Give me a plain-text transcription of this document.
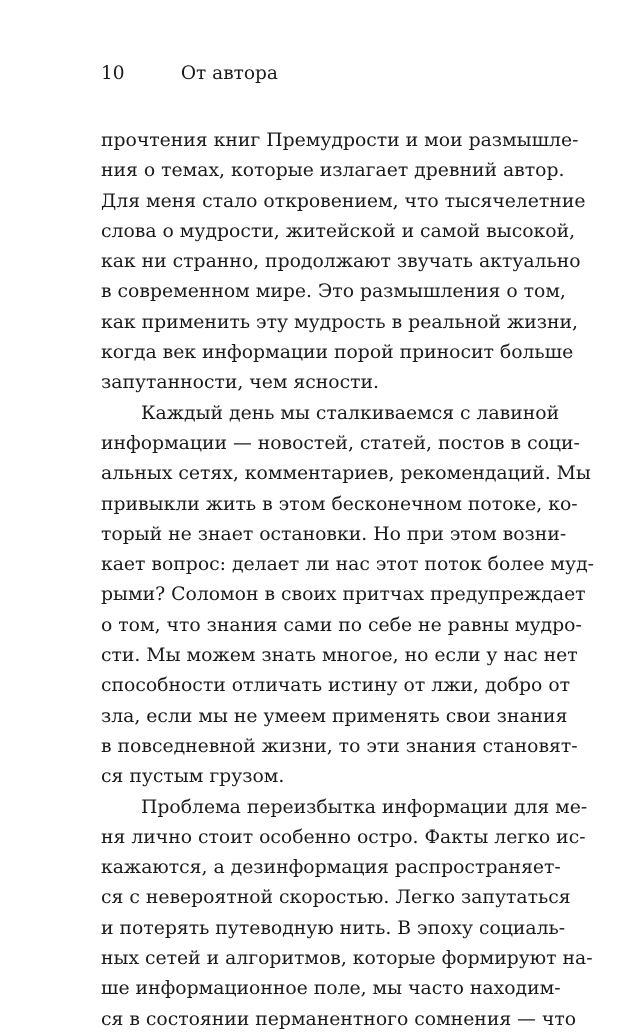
10	От автора
прочтения книг Премудрости и мои размышле-
ния о темах, которые излагает древний автор.
Для меня стало откровением, что тысячелетние
слова о мудрости, житейской и самой высокой,
как ни странно, продолжают звучать актуально
в современном мире. Это размышления о том,
как применить эту мудрость в реальной жизни,
когда век информации порой приносит больше
запутанности, чем ясности.
Каждый день мы сталкиваемся с лавиной
информации — новостей, статей, постов в соци-
альных сетях, комментариев, рекомендаций. Мы
привыкли жить в этом бесконечном потоке, ко-
торый не знает остановки. Но при этом возни-
кает вопрос: делает ли нас этот поток более муд-
рыми? Соломон в своих притчах предупреждает
о том, что знания сами по себе не равны мудро-
сти. Мы можем знать многое, но если у нас нет
способности отличать истину от лжи, добро от
зла, если мы не умеем применять свои знания
в повседневной жизни, то эти знания становят-
ся пустым грузом.
Проблема переизбытка информации для ме-
ня лично стоит особенно остро. Факты легко ис-
кажаются, а дезинформация распространяет-
ся с невероятной скоростью. Легко запутаться
и потерять путеводную нить. В эпоху социаль-
ных сетей и алгоритмов, которые формируют на-
ше информационное поле, мы часто находим-
ся в состоянии перманентного сомнения — что
